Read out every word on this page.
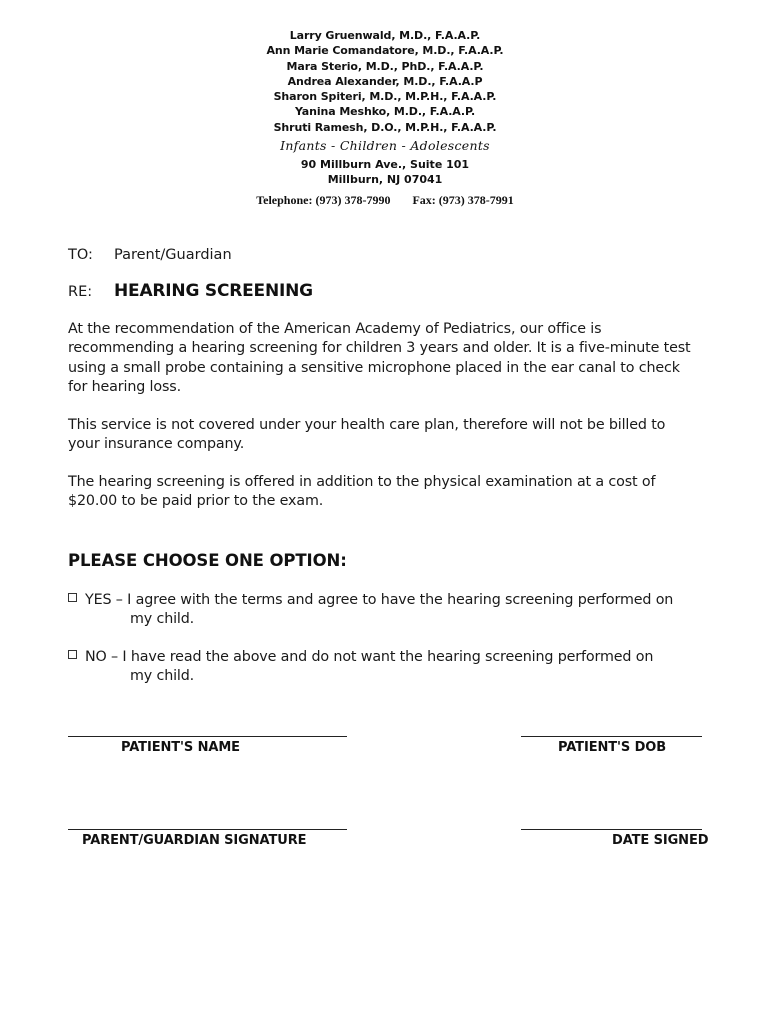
Larry Gruenwald, M.D., F.A.A.P.
Ann Marie Comandatore, M.D., F.A.A.P.
Mara Sterio, M.D., PhD., F.A.A.P.
Andrea Alexander, M.D., F.A.A.P
Sharon Spiteri, M.D., M.P.H., F.A.A.P.
Yanina Meshko, M.D., F.A.A.P.
Shruti Ramesh, D.O., M.P.H., F.A.A.P.
Infants - Children - Adolescents
90 Millburn Ave., Suite 101
Millburn, NJ 07041
Telephone: (973) 378-7990 Fax: (973) 378-7991
TO: Parent/Guardian
RE: HEARING SCREENING
At the recommendation of the American Academy of Pediatrics, our office is
recommending a hearing screening for children 3 years and older. It is a five-minute test
using a small probe containing a sensitive microphone placed in the ear canal to check
for hearing loss.
This service is not covered under your health care plan, therefore will not be billed to
your insurance company.
The hearing screening is offered in addition to the physical examination at a cost of
$20.00 to be paid prior to the exam.
PLEASE CHOOSE ONE OPTION:
YES – I agree with the terms and agree to have the hearing screening performed on
my child.
NO – I have read the above and do not want the hearing screening performed on
my child.
PATIENT'S NAME	PATIENT'S DOB
PARENT/GUARDIAN SIGNATURE	DATE SIGNED
